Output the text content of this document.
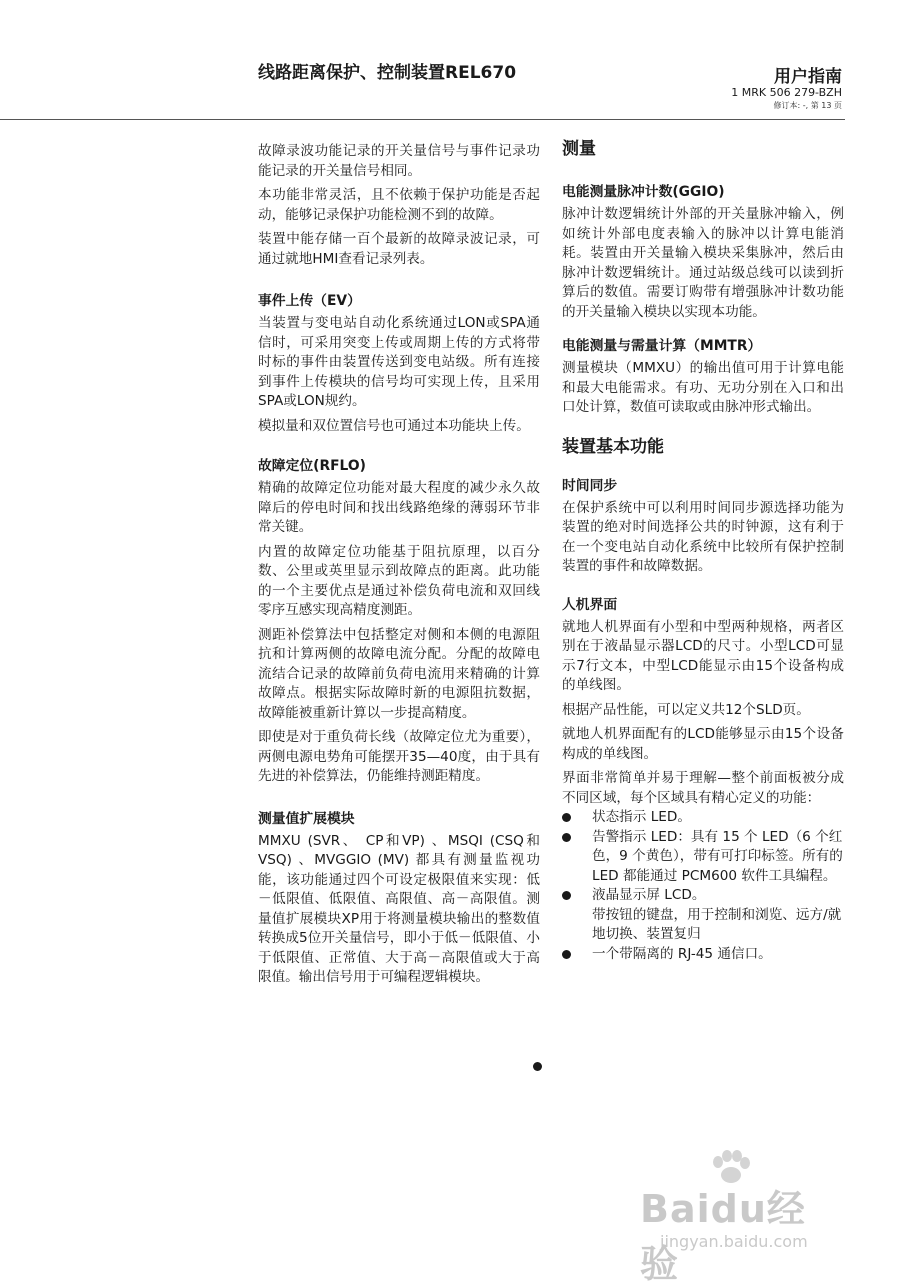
线路距离保护、控制装置REL670	用户指南
1 MRK 506 279-BZH
修订本: -, 第 13 页

故障录波功能记录的开关量信号与事件记录功能记录的开关量信号相同。

本功能非常灵活，且不依赖于保护功能是否起动，能够记录保护功能检测不到的故障。

装置中能存储一百个最新的故障录波记录，可通过就地HMI查看记录列表。

事件上传（EV）

当装置与变电站自动化系统通过LON或SPA通信时，可采用突变上传或周期上传的方式将带时标的事件由装置传送到变电站级。所有连接到事件上传模块的信号均可实现上传，且采用SPA或LON规约。

模拟量和双位置信号也可通过本功能块上传。

故障定位(RFLO)

精确的故障定位功能对最大程度的减少永久故障后的停电时间和找出线路绝缘的薄弱环节非常关键。

内置的故障定位功能基于阻抗原理，以百分数、公里或英里显示到故障点的距离。此功能的一个主要优点是通过补偿负荷电流和双回线零序互感实现高精度测距。

测距补偿算法中包括整定对侧和本侧的电源阻抗和计算两侧的故障电流分配。分配的故障电流结合记录的故障前负荷电流用来精确的计算故障点。根据实际故障时新的电源阻抗数据，故障能被重新计算以一步提高精度。

即使是对于重负荷长线（故障定位尤为重要），两侧电源电势角可能摆开35—40度，由于具有先进的补偿算法，仍能维持测距精度。

测量值扩展模块

MMXU (SVR、 CP和VP) 、MSQI (CSQ和VSQ) 、MVGGIO (MV) 都具有测量监视功能，该功能通过四个可设定极限值来实现：低－低限值、低限值、高限值、高－高限值。测量值扩展模块XP用于将测量模块输出的整数值转换成5位开关量信号，即小于低－低限值、小于低限值、正常值、大于高－高限值或大于高限值。输出信号用于可编程逻辑模块。

测量
电能测量脉冲计数(GGIO)

脉冲计数逻辑统计外部的开关量脉冲输入，例如统计外部电度表输入的脉冲以计算电能消耗。装置由开关量输入模块采集脉冲，然后由脉冲计数逻辑统计。通过站级总线可以读到折算后的数值。需要订购带有增强脉冲计数功能的开关量输入模块以实现本功能。

电能测量与需量计算（MMTR）

测量模块（MMXU）的输出值可用于计算电能和最大电能需求。有功、无功分别在入口和出口处计算，数值可读取或由脉冲形式输出。

装置基本功能
时间同步

在保护系统中可以利用时间同步源选择功能为装置的绝对时间选择公共的时钟源，这有利于在一个变电站自动化系统中比较所有保护控制装置的事件和故障数据。

人机界面

就地人机界面有小型和中型两种规格，两者区别在于液晶显示器LCD的尺寸。小型LCD可显示7行文本，中型LCD能显示由15个设备构成的单线图。

根据产品性能，可以定义共12个SLD页。

就地人机界面配有的LCD能够显示由15个设备构成的单线图。

界面非常简单并易于理解—整个前面板被分成不同区域，每个区域具有精心定义的功能：

状态指示 LED。
告警指示 LED：具有 15 个 LED（6 个红色，9 个黄色），带有可打印标签。所有的 LED 都能通过 PCM600 软件工具编程。
液晶显示屏 LCD。
带按钮的键盘，用于控制和浏览、远方/就地切换、装置复归
一个带隔离的 RJ-45 通信口。
Baidu经验
jingyan.baidu.com
